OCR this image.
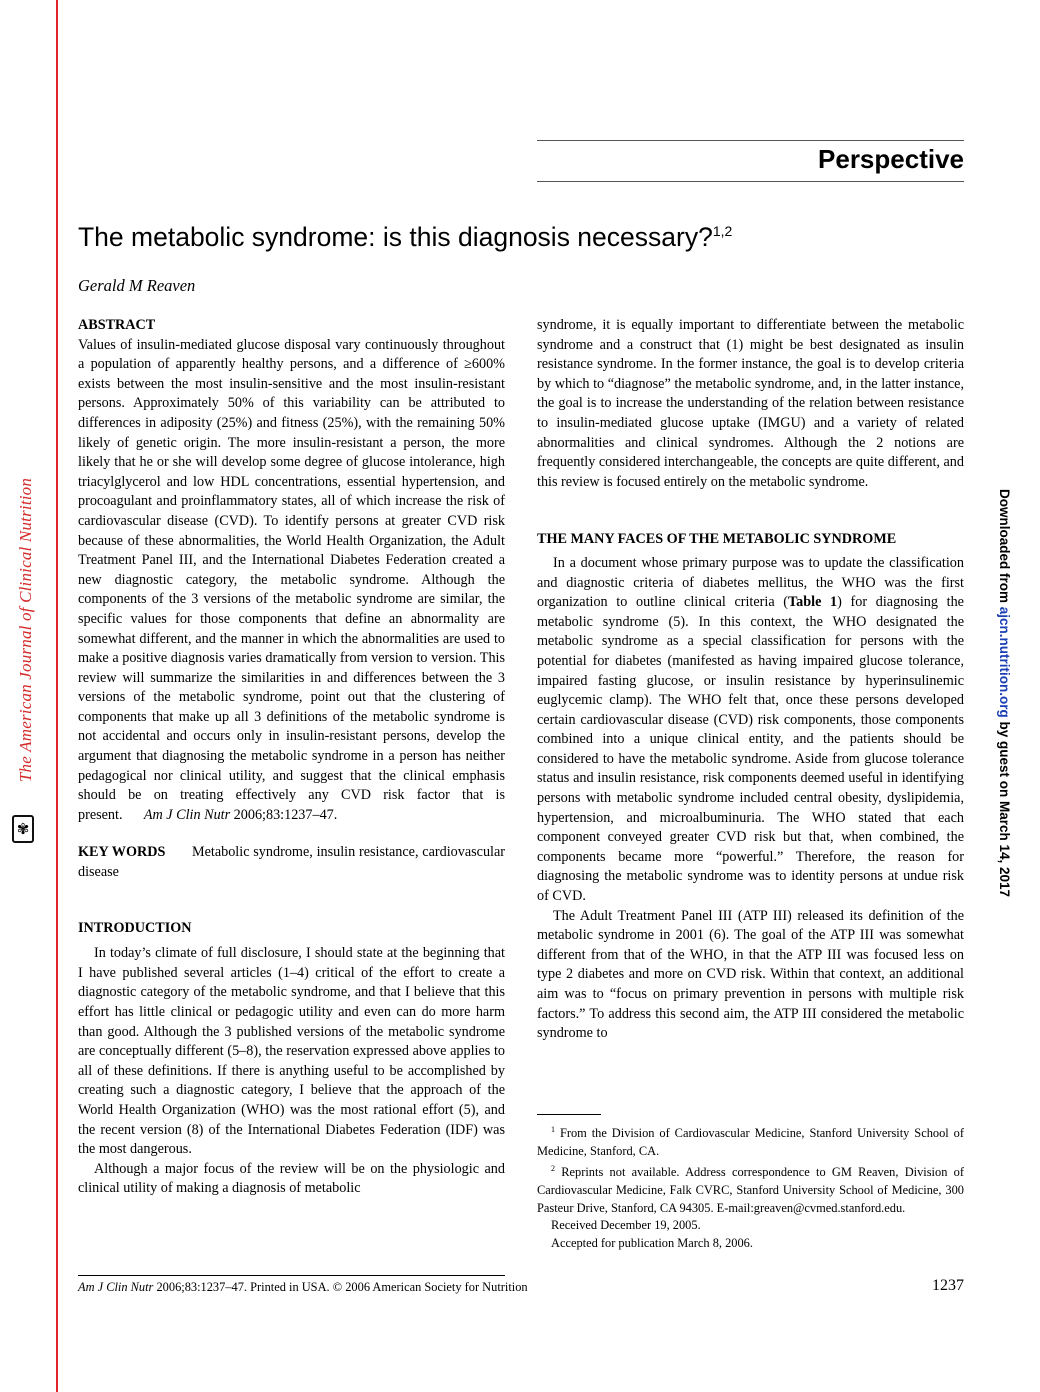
The American Journal of Clinical Nutrition
✾
Downloaded from ajcn.nutrition.org by guest on March 14, 2017
Perspective
The metabolic syndrome: is this diagnosis necessary?$^{1,2}$
Gerald M Reaven
ABSTRACT

Values of insulin-mediated glucose disposal vary continuously throughout a population of apparently healthy persons, and a difference of ≥600% exists between the most insulin-sensitive and the most insulin-resistant persons. Approximately 50% of this variability can be attributed to differences in adiposity (25%) and fitness (25%), with the remaining 50% likely of genetic origin. The more insulin-resistant a person, the more likely that he or she will develop some degree of glucose intolerance, high triacylglycerol and low HDL concentrations, essential hypertension, and procoagulant and proinflammatory states, all of which increase the risk of cardiovascular disease (CVD). To identify persons at greater CVD risk because of these abnormalities, the World Health Organization, the Adult Treatment Panel III, and the International Diabetes Federation created a new diagnostic category, the metabolic syndrome. Although the components of the 3 versions of the metabolic syndrome are similar, the specific values for those components that define an abnormality are somewhat different, and the manner in which the abnormalities are used to make a positive diagnosis varies dramatically from version to version. This review will summarize the similarities in and differences between the 3 versions of the metabolic syndrome, point out that the clustering of components that make up all 3 definitions of the metabolic syndrome is not accidental and occurs only in insulin-resistant persons, develop the argument that diagnosing the metabolic syndrome in a person has neither pedagogical nor clinical utility, and suggest that the clinical emphasis should be on treating effectively any CVD risk factor that is present. Am J Clin Nutr 2006;83:1237–47.

KEY WORDS Metabolic syndrome, insulin resistance, cardiovascular disease

INTRODUCTION

In today’s climate of full disclosure, I should state at the beginning that I have published several articles (1–4) critical of the effort to create a diagnostic category of the metabolic syndrome, and that I believe that this effort has little clinical or pedagogic utility and even can do more harm than good. Although the 3 published versions of the metabolic syndrome are conceptually different (5–8), the reservation expressed above applies to all of these definitions. If there is anything useful to be accomplished by creating such a diagnostic category, I believe that the approach of the World Health Organization (WHO) was the most rational effort (5), and the recent version (8) of the International Diabetes Federation (IDF) was the most dangerous.

Although a major focus of the review will be on the physiologic and clinical utility of making a diagnosis of metabolic

syndrome, it is equally important to differentiate between the metabolic syndrome and a construct that (1) might be best designated as insulin resistance syndrome. In the former instance, the goal is to develop criteria by which to “diagnose” the metabolic syndrome, and, in the latter instance, the goal is to increase the understanding of the relation between resistance to insulin-mediated glucose uptake (IMGU) and a variety of related abnormalities and clinical syndromes. Although the 2 notions are frequently considered interchangeable, the concepts are quite different, and this review is focused entirely on the metabolic syndrome.

THE MANY FACES OF THE METABOLIC SYNDROME

In a document whose primary purpose was to update the classification and diagnostic criteria of diabetes mellitus, the WHO was the first organization to outline clinical criteria (Table 1) for diagnosing the metabolic syndrome (5). In this context, the WHO designated the metabolic syndrome as a special classification for persons with the potential for diabetes (manifested as having impaired glucose tolerance, impaired fasting glucose, or insulin resistance by hyperinsulinemic euglycemic clamp). The WHO felt that, once these persons developed certain cardiovascular disease (CVD) risk components, those components combined into a unique clinical entity, and the patients should be considered to have the metabolic syndrome. Aside from glucose tolerance status and insulin resistance, risk components deemed useful in identifying persons with metabolic syndrome included central obesity, dyslipidemia, hypertension, and microalbuminuria. The WHO stated that each component conveyed greater CVD risk but that, when combined, the components became more “powerful.” Therefore, the reason for diagnosing the metabolic syndrome was to identity persons at undue risk of CVD.

The Adult Treatment Panel III (ATP III) released its definition of the metabolic syndrome in 2001 (6). The goal of the ATP III was somewhat different from that of the WHO, in that the ATP III was focused less on type 2 diabetes and more on CVD risk. Within that context, an additional aim was to “focus on primary prevention in persons with multiple risk factors.” To address this second aim, the ATP III considered the metabolic syndrome to

$^1$ From the Division of Cardiovascular Medicine, Stanford University School of Medicine, Stanford, CA.

$^2$ Reprints not available. Address correspondence to GM Reaven, Division of Cardiovascular Medicine, Falk CVRC, Stanford University School of Medicine, 300 Pasteur Drive, Stanford, CA 94305. E-mail:greaven@cvmed.stanford.edu.

Received December 19, 2005.

Accepted for publication March 8, 2006.

Am J Clin Nutr 2006;83:1237–47. Printed in USA. © 2006 American Society for Nutrition	1237
